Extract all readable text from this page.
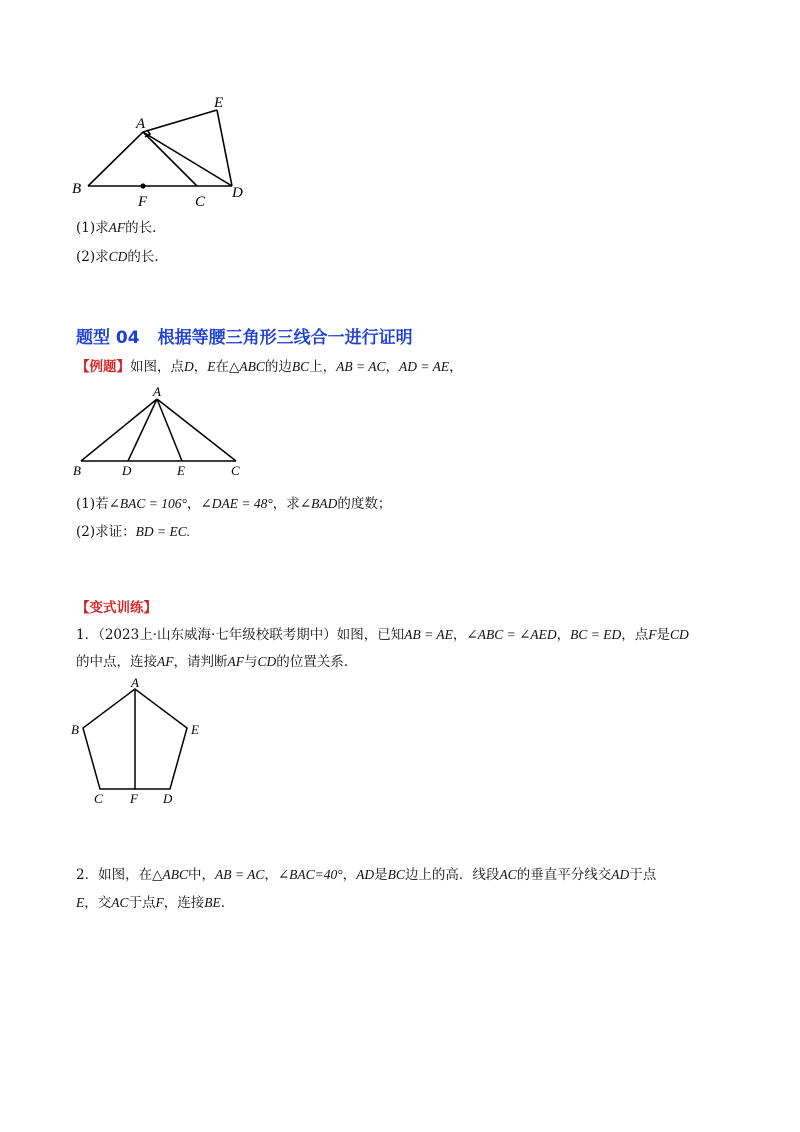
A
E
B
F	C
D
(1)求AF的长.
(2)求CD的长.
题型 04 根据等腰三角形三线合一进行证明
【例题】如图，点D，E在△ABC的边BC上，AB = AC，AD = AE，
A
B	D	E	C
(1)若∠BAC = 106°，∠DAE = 48°，求∠BAD的度数；
(2)求证：BD = EC.
【变式训练】
1．（2023上·山东威海·七年级校联考期中）如图，已知AB = AE，∠ABC = ∠AED，BC = ED，点F是CD
的中点，连接AF，请判断AF与CD的位置关系.
A
B	E
C F D
2．如图，在△ABC中，AB = AC，∠BAC=40°，AD是BC边上的高．线段AC的垂直平分线交AD于点
E，交AC于点F，连接BE．
